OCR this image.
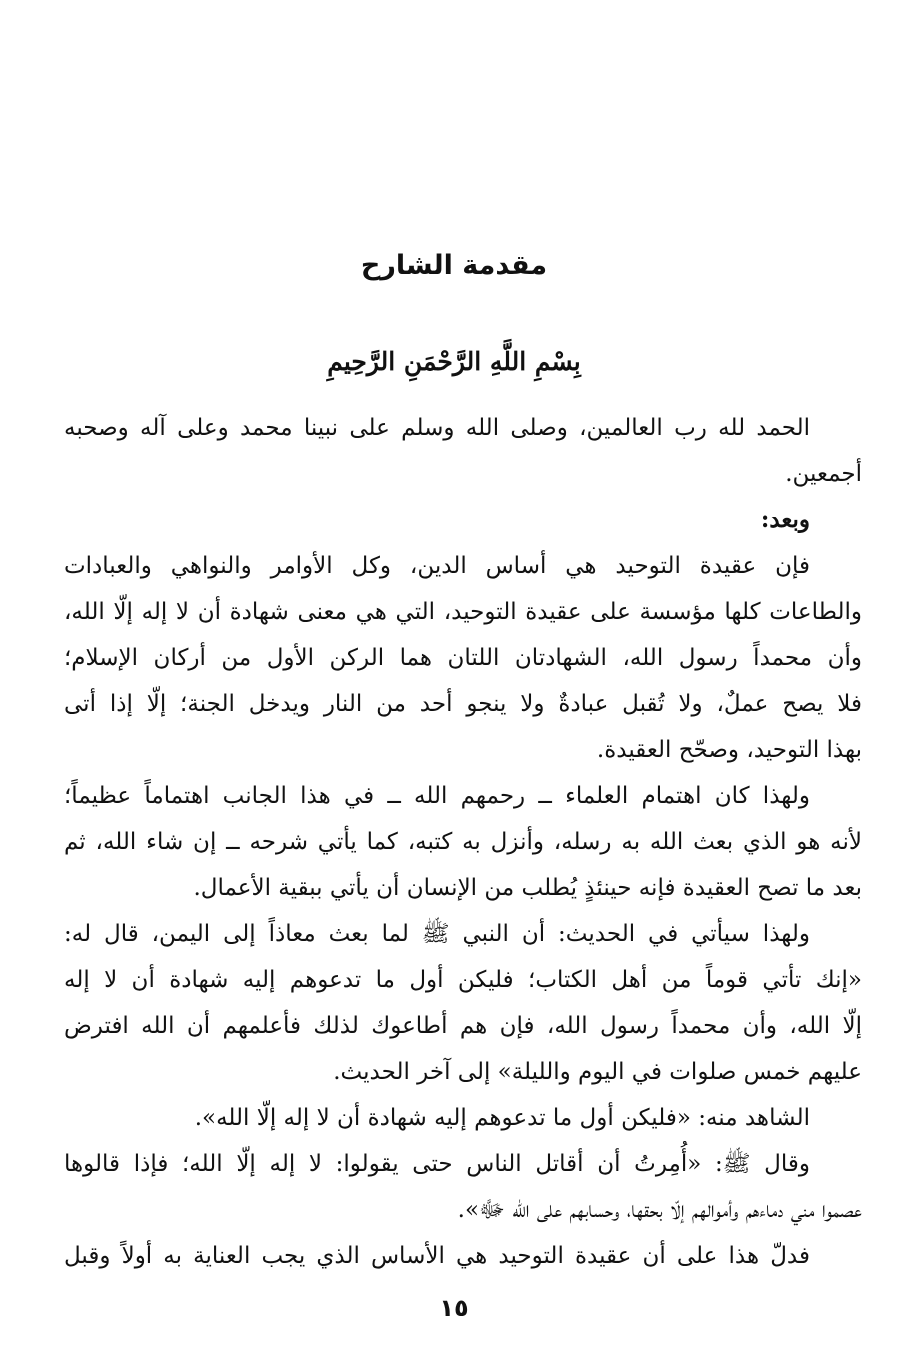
مقدمة الشارح
بِسْمِ اللَّهِ الرَّحْمَنِ الرَّحِيمِ
الحمد لله رب العالمين، وصلى الله وسلم على نبينا محمد وعلى آله وصحبه
أجمعين.
وبعد:
فإن عقيدة التوحيد هي أساس الدين، وكل الأوامر والنواهي والعبادات
والطاعات كلها مؤسسة على عقيدة التوحيد، التي هي معنى شهادة أن لا إله إلّا الله،
وأن محمداً رسول الله، الشهادتان اللتان هما الركن الأول من أركان الإسلام؛
فلا يصح عملٌ، ولا تُقبل عبادةٌ ولا ينجو أحد من النار ويدخل الجنة؛ إلّا إذا أتى
بهذا التوحيد، وصحّح العقيدة.
ولهذا كان اهتمام العلماء ــ رحمهم الله ــ في هذا الجانب اهتماماً عظيماً؛
لأنه هو الذي بعث الله به رسله، وأنزل به كتبه، كما يأتي شرحه ــ إن شاء الله، ثم
بعد ما تصح العقيدة فإنه حينئذٍ يُطلب من الإنسان أن يأتي ببقية الأعمال.
ولهذا سيأتي في الحديث: أن النبي ﷺ لما بعث معاذاً إلى اليمن، قال له:
«إنك تأتي قوماً من أهل الكتاب؛ فليكن أول ما تدعوهم إليه شهادة أن لا إله
إلّا الله، وأن محمداً رسول الله، فإن هم أطاعوك لذلك فأعلمهم أن الله افترض
عليهم خمس صلوات في اليوم والليلة» إلى آخر الحديث.
الشاهد منه: «فليكن أول ما تدعوهم إليه شهادة أن لا إله إلّا الله».
وقال ﷺ: «أُمِرتُ أن أقاتل الناس حتى يقولوا: لا إله إلّا الله؛ فإذا قالوها
عصموا مني دماءهم وأموالهم إلّا بحقها، وحسابهم على الله ﷻ».
فدلّ هذا على أن عقيدة التوحيد هي الأساس الذي يجب العناية به أولاً وقبل
١٥
